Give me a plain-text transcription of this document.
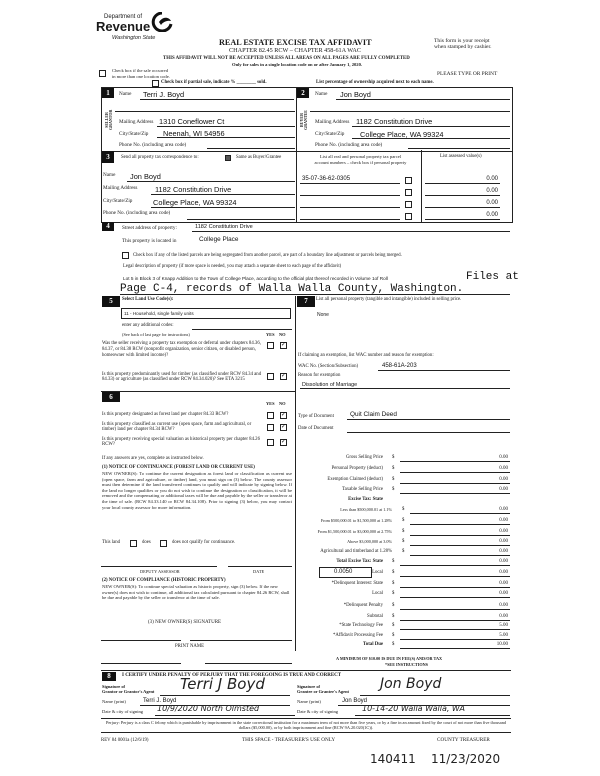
Department of
Revenue
Washington State	REAL ESTATE EXCISE TAX AFFIDAVIT
CHAPTER 82.45 RCW – CHAPTER 458-61A WAC
This form is your receipt
when stamped by cashier.
THIS AFFIDAVIT WILL NOT BE ACCEPTED UNLESS ALL AREAS ON ALL PAGES ARE FULLY COMPLETED
Only for sales in a single location code on or after January 1, 2020.
Check box if the sale occurred
in more than one location code.	PLEASE TYPE OR PRINT
Check box if partial sale, indicate % ________ sold.	List percentage of ownership acquired next to each name.
1
SELLER GRANTOR
Name Terri J. Boyd
Mailing Address 1310 Coneflower Ct
City/State/Zip Neenah, WI 54956
Phone No. (including area code)
2
BUYER GRANTEE
Name Jon Boyd
Mailing Address 1182 Constitution Drive
City/State/Zip College Place, WA 99324
Phone No. (including area code)
3	Send all property tax correspondence to:	Same as Buyer/Grantee
Name Jon Boyd
Mailing Address 1182 Constitution Drive
City/State/Zip	College Place, WA 99324
Phone No. (including area code)
List all real and personal property tax parcel
account numbers – check box if personal property
List assessed value(s)
35-07-36-62-0305	0.00
0.00
0.00
0.00
4	Street address of property:	1182 Constitution Drive
This property is located in	College Place
Check box if any of the listed parcels are being segregated from another parcel, are part of a boundary line adjustment or parcels being merged.
Legal description of property (if more space is needed, you may attach a separate sheet to each page of the affidavit)
Lot 5 in Block 3 of Knapp Addition to the Town of College Place, according to the official plat thereof recorded in Volume 1of Roll	Files at
Page C-4, records of Walla Walla County, Washington.
5	Select Land Use Code(s):
11 - Household, single family units
enter any additional codes:
(See back of last page for instructions)	YES NO
Was the seller receiving a property tax exemption or deferral under chapters 84.36, 84.37, or 84.38 RCW (nonprofit organization, senior citizen, or disabled person, homeowner with limited income)?
✓
Is this property predominantly used for timber (as classified under RCW 84.34 and 84.33) or agriculture (as classified under RCW 84.34.020)? See ETA 3215
✓
6
YES NO
Is this property designated as forest land per chapter 84.33 RCW?	✓
Is this property classified as current use (open space, farm and agricultural, or timber) land per chapter 84.34 RCW?	✓
Is this property receiving special valuation as historical property per chapter 84.26 RCW?	✓
If any answers are yes, complete as instructed below.
(1) NOTICE OF CONTINUANCE (FOREST LAND OR CURRENT USE)
NEW OWNER(S): To continue the current designation as forest land or classification as current use (open space, farm and agriculture, or timber) land, you must sign on (3) below. The county assessor must then determine if the land transferred continues to qualify and will indicate by signing below. If the land no longer qualifies or you do not wish to continue the designation or classification, it will be removed and the compensating or additional taxes will be due and payable by the seller or transferor at the time of sale. (RCW 84.33.140 or RCW 84.34.108). Prior to signing (3) below, you may contact your local county assessor for more information.
This land	does	does not qualify for continuance.
DEPUTY ASSESSOR	DATE
(2) NOTICE OF COMPLIANCE (HISTORIC PROPERTY)
NEW OWNER(S): To continue special valuation as historic property, sign (3) below. If the new owner(s) does not wish to continue, all additional tax calculated pursuant to chapter 84.26 RCW, shall be due and payable by the seller or transferor at the time of sale.
(3) NEW OWNER(S) SIGNATURE
PRINT NAME
7	List all personal property (tangible and intangible) included in selling price.
None
If claiming an exemption, list WAC number and reason for exemption:
WAC No. (Section/Subsection)	458-61A-203
Reason for exemption
Dissolution of Marriage
Type of Document	Quit Claim Deed
Date of Document
0.0050
Gross Selling Price $	0.00
Personal Property (deduct) $	0.00
Exemption Claimed (deduct) $	0.00
Taxable Selling Price $	0.00
Excise Tax: State
Less than $500,000.01 at 1.1% $	0.00
From $500,000.01 to $1,500,000 at 1.28% $	0.00
From $1,500,000.01 to $3,000,000 at 2.75% $	0.00
Above $3,000,000 at 3.0% $	0.00
Agricultural and timberland at 1.28% $	0.00
Total Excise Tax: State $	0.00
Local $	0.00
*Delinquent Interest: State $	0.00
Local $	0.00
*Delinquent Penalty $	0.00
Subtotal $	0.00
*State Technology Fee $	5.00
*Affidavit Processing Fee $	5.00
Total Due $	10.00
A MINIMUM OF $10.00 IS DUE IN FEE(S) AND/OR TAX
*SEE INSTRUCTIONS
8	I CERTIFY UNDER PENALTY OF PERJURY THAT THE FOREGOING IS TRUE AND CORRECT
Signature of
Grantor or Grantor's Agent Terri J Boyd
Name (print)	Terri J. Boyd
Date & city of signing 10/9/2020 North Olmsted
Signature of
Grantee or Grantee's Agent Jon Boyd
Name (print)	Jon Boyd
Date & city of signing	10-14-20 Walla Walla, WA
Perjury: Perjury is a class C felony which is punishable by imprisonment in the state correctional institution for a maximum term of not more than five years, or by a fine in an amount fixed by the court of not more than five thousand dollars ($5,000.00), or by both imprisonment and fine (RCW 9A.20.020(1C)).
REV 84 0001a (12/6/19)	THIS SPACE - TREASURER'S USE ONLY	COUNTY TREASURER
140411 11/23/2020
